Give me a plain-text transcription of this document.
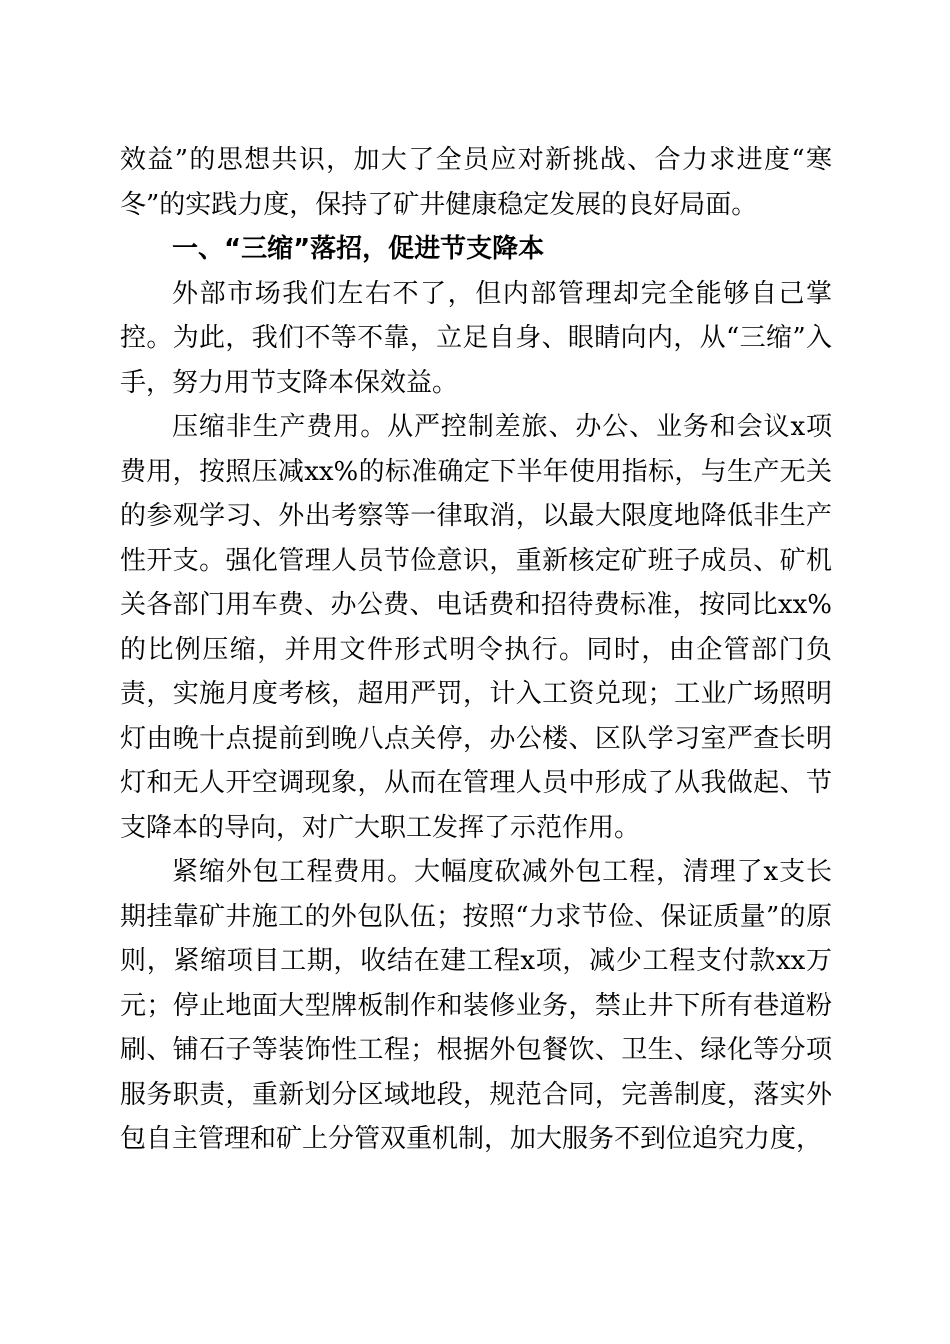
效益”的思想共识，加大了全员应对新挑战、合力求进度“寒冬”的实践力度，保持了矿井健康稳定发展的良好局面。

一、“三缩”落招，促进节支降本

外部市场我们左右不了，但内部管理却完全能够自己掌控。为此，我们不等不靠，立足自身、眼睛向内，从“三缩”入手，努力用节支降本保效益。

压缩非生产费用。从严控制差旅、办公、业务和会议x项费用，按照压减xx%的标准确定下半年使用指标，与生产无关的参观学习、外出考察等一律取消，以最大限度地降低非生产性开支。强化管理人员节俭意识，重新核定矿班子成员、矿机关各部门用车费、办公费、电话费和招待费标准，按同比xx%的比例压缩，并用文件形式明令执行。同时，由企管部门负责，实施月度考核，超用严罚，计入工资兑现；工业广场照明灯由晚十点提前到晚八点关停，办公楼、区队学习室严查长明灯和无人开空调现象，从而在管理人员中形成了从我做起、节支降本的导向，对广大职工发挥了示范作用。

紧缩外包工程费用。大幅度砍减外包工程，清理了x支长期挂靠矿井施工的外包队伍；按照“力求节俭、保证质量”的原则，紧缩项目工期，收结在建工程x项，减少工程支付款xx万元；停止地面大型牌板制作和装修业务，禁止井下所有巷道粉刷、铺石子等装饰性工程；根据外包餐饮、卫生、绿化等分项服务职责，重新划分区域地段，规范合同，完善制度，落实外包自主管理和矿上分管双重机制，加大服务不到位追究力度，
